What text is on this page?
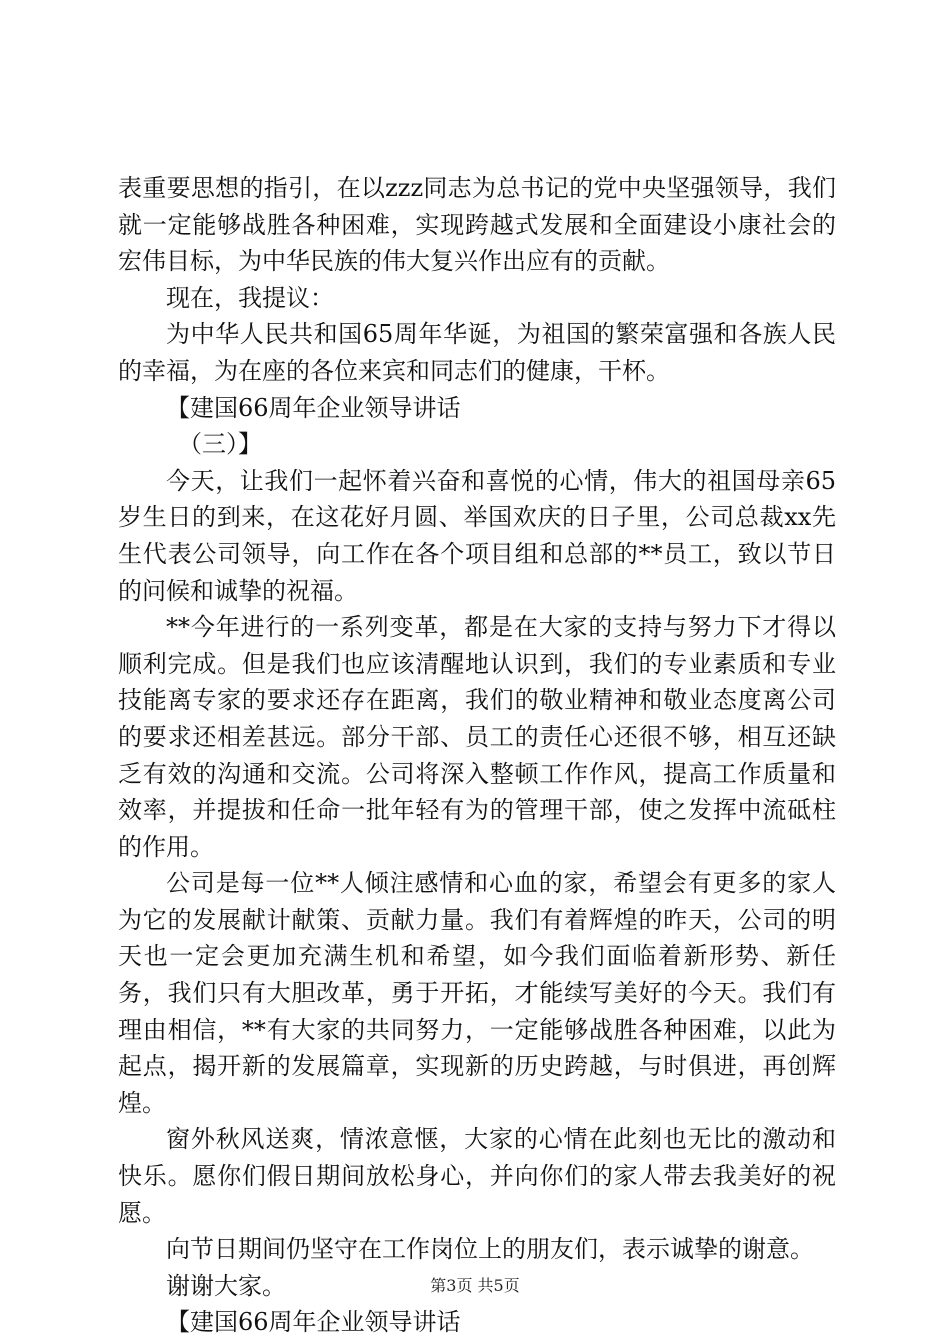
表重要思想的指引，在以zzz同志为总书记的党中央坚强领导，我们就一定能够战胜各种困难，实现跨越式发展和全面建设小康社会的宏伟目标，为中华民族的伟大复兴作出应有的贡献。

现在，我提议：

为中华人民共和国65周年华诞，为祖国的繁荣富强和各族人民的幸福，为在座的各位来宾和同志们的健康，干杯。

【建国66周年企业领导讲话

（三）】

今天，让我们一起怀着兴奋和喜悦的心情，伟大的祖国母亲65岁生日的到来，在这花好月圆、举国欢庆的日子里，公司总裁xx先生代表公司领导，向工作在各个项目组和总部的**员工，致以节日的问候和诚挚的祝福。

**今年进行的一系列变革，都是在大家的支持与努力下才得以顺利完成。但是我们也应该清醒地认识到，我们的专业素质和专业技能离专家的要求还存在距离，我们的敬业精神和敬业态度离公司的要求还相差甚远。部分干部、员工的责任心还很不够，相互还缺乏有效的沟通和交流。公司将深入整顿工作作风，提高工作质量和效率，并提拔和任命一批年轻有为的管理干部，使之发挥中流砥柱的作用。

公司是每一位**人倾注感情和心血的家，希望会有更多的家人为它的发展献计献策、贡献力量。我们有着辉煌的昨天，公司的明天也一定会更加充满生机和希望，如今我们面临着新形势、新任务，我们只有大胆改革，勇于开拓，才能续写美好的今天。我们有理由相信，**有大家的共同努力，一定能够战胜各种困难，以此为起点，揭开新的发展篇章，实现新的历史跨越，与时俱进，再创辉煌。

窗外秋风送爽，情浓意惬，大家的心情在此刻也无比的激动和快乐。愿你们假日期间放松身心，并向你们的家人带去我美好的祝愿。

向节日期间仍坚守在工作岗位上的朋友们，表示诚挚的谢意。

谢谢大家。

【建国66周年企业领导讲话

第3页 共5页
